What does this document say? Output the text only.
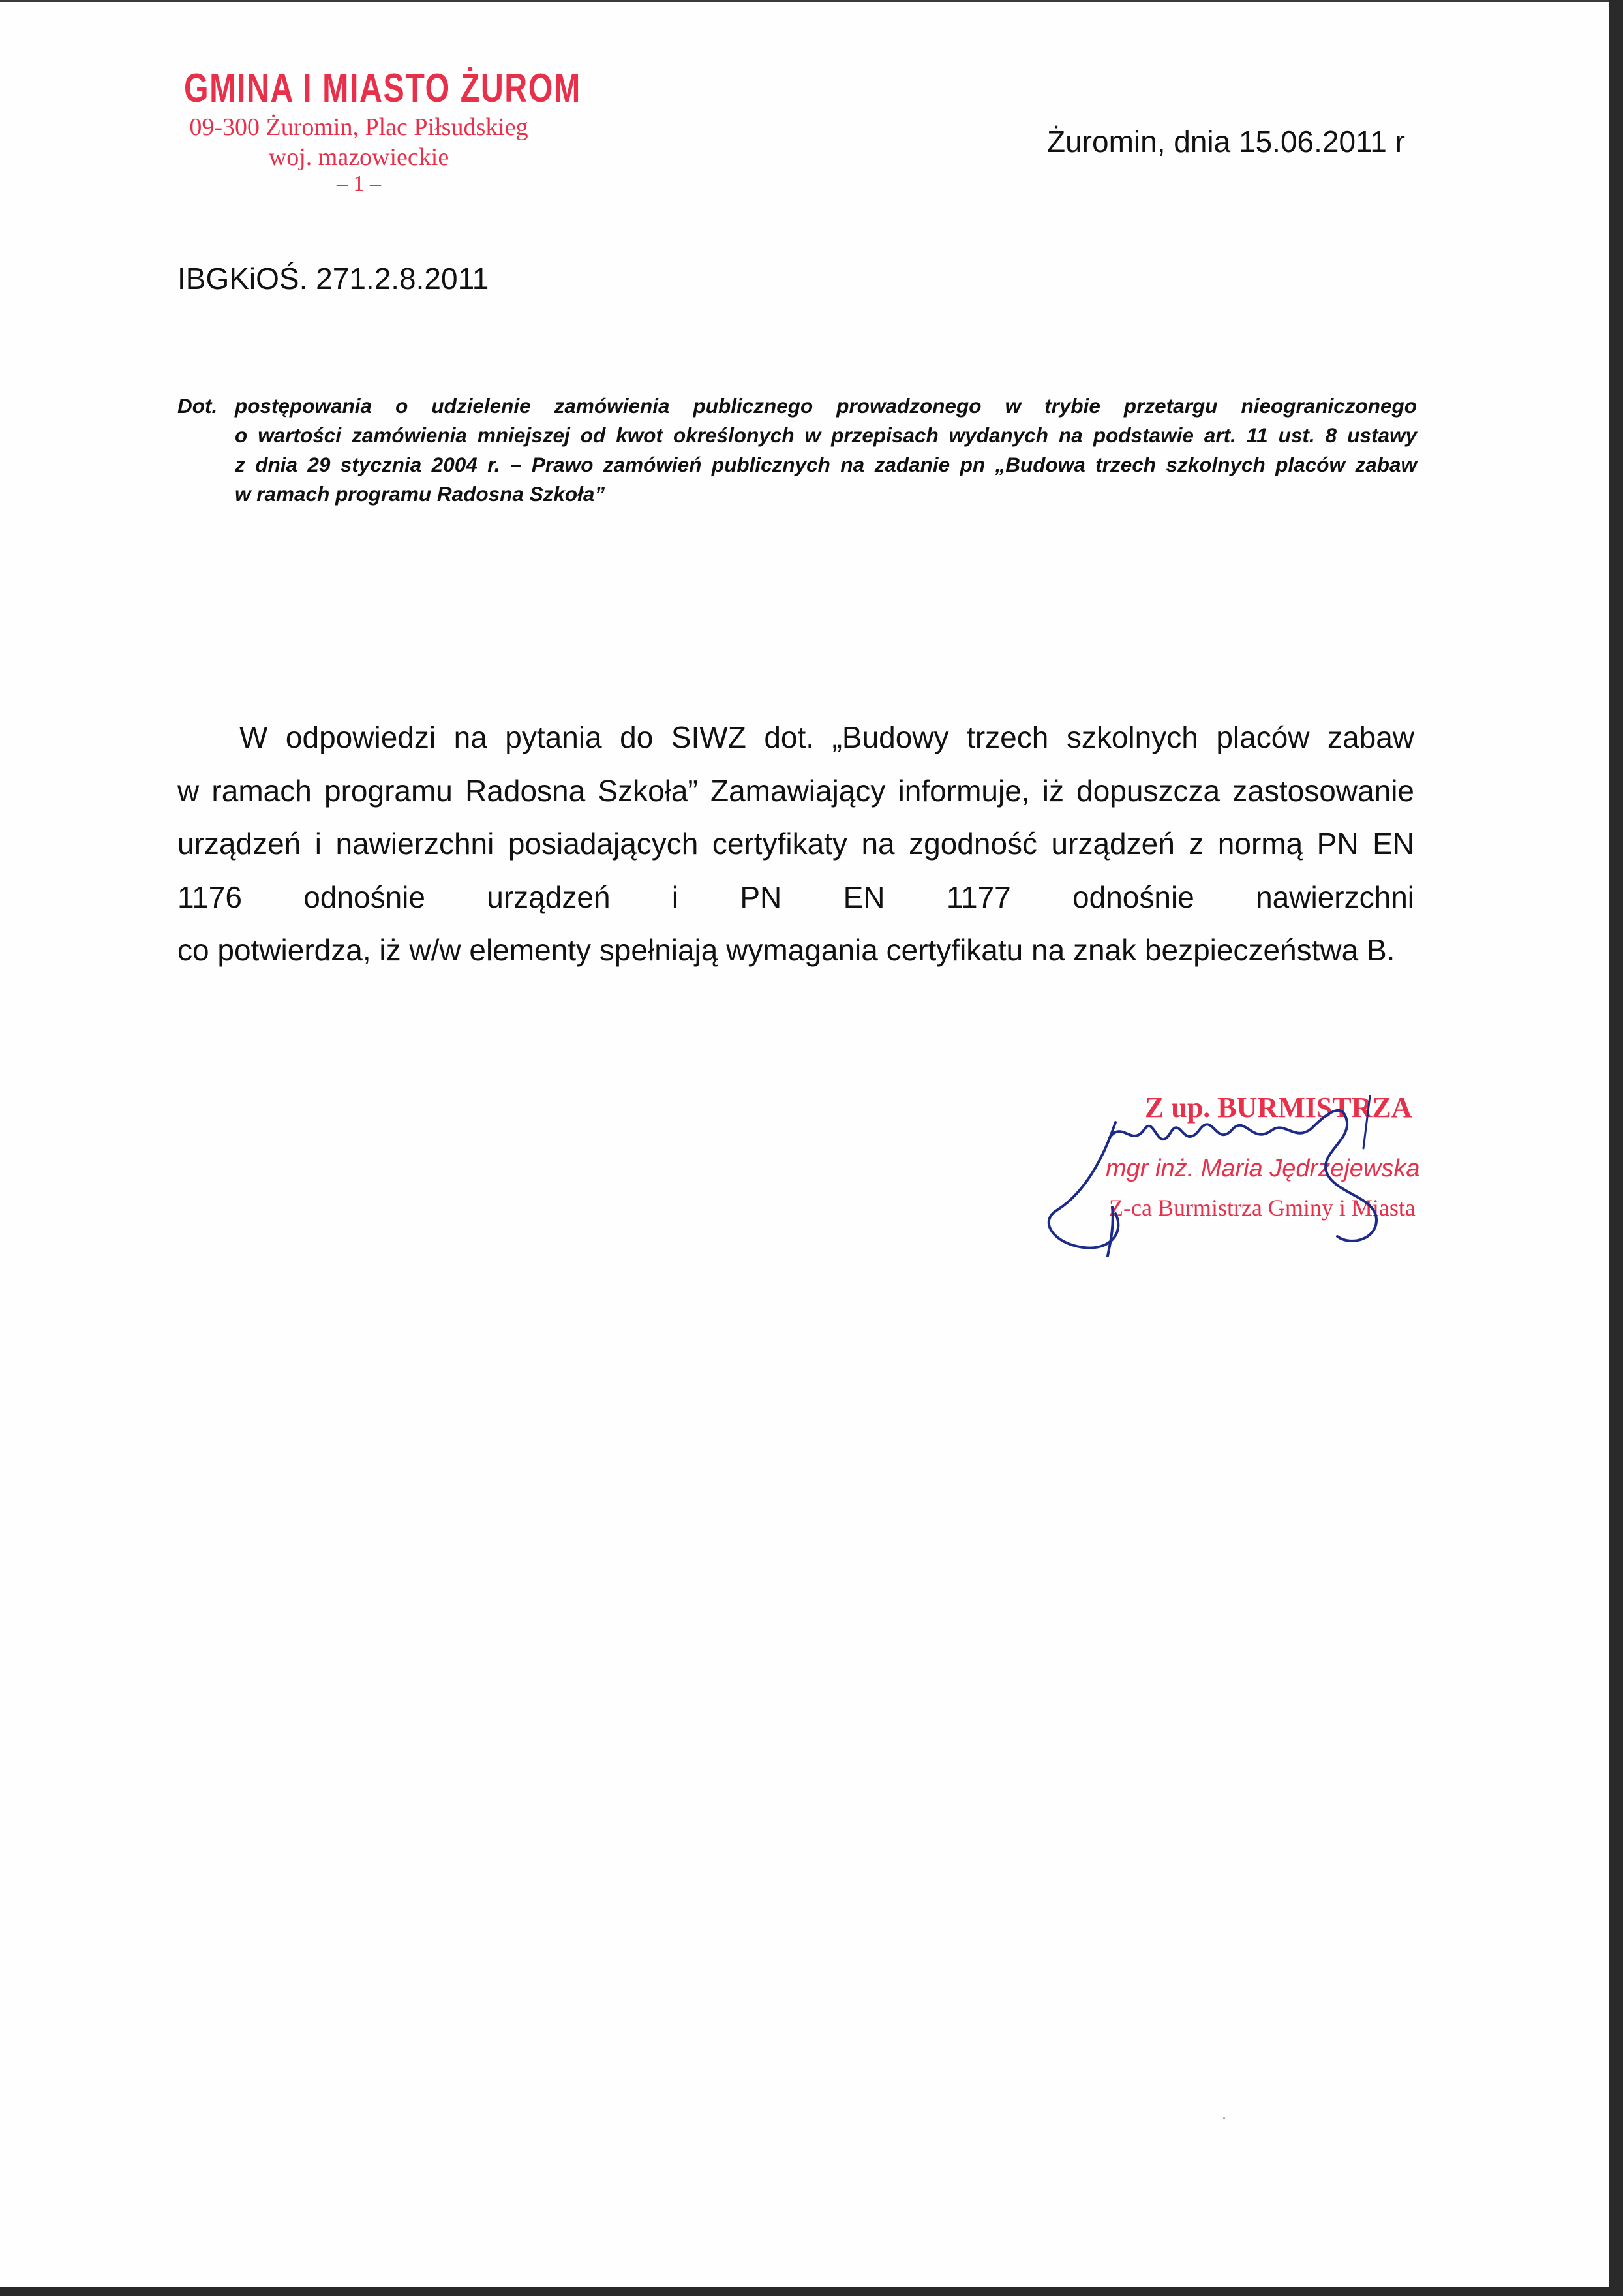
GMINA I MIASTO ŻUROM
09-300 Żuromin, Plac Piłsudskieg
woj. mazowieckie
– 1 –
Żuromin, dnia 15.06.2011 r
IBGKiOŚ. 271.2.8.2011
Dot. postępowania o udzielenie zamówienia publicznego prowadzonego w trybie przetargu nieograniczonego
o wartości zamówienia mniejszej od kwot określonych w przepisach wydanych na podstawie art. 11 ust. 8 ustawy
z dnia 29 stycznia 2004 r. – Prawo zamówień publicznych na zadanie pn „Budowa trzech szkolnych placów zabaw
w ramach programu Radosna Szkoła”
W odpowiedzi na pytania do SIWZ dot. „Budowy trzech szkolnych placów zabaw
w ramach programu Radosna Szkoła” Zamawiający informuje, iż dopuszcza zastosowanie
urządzeń i nawierzchni posiadających certyfikaty na zgodność urządzeń z normą PN EN
1176 odnośnie urządzeń i PN EN 1177 odnośnie nawierzchni
co potwierdza, iż w/w elementy spełniają wymagania certyfikatu na znak bezpieczeństwa B.
Z up. BURMISTRZA
mgr inż. Maria Jędrzejewska
Z-ca Burmistrza Gminy i Miasta
